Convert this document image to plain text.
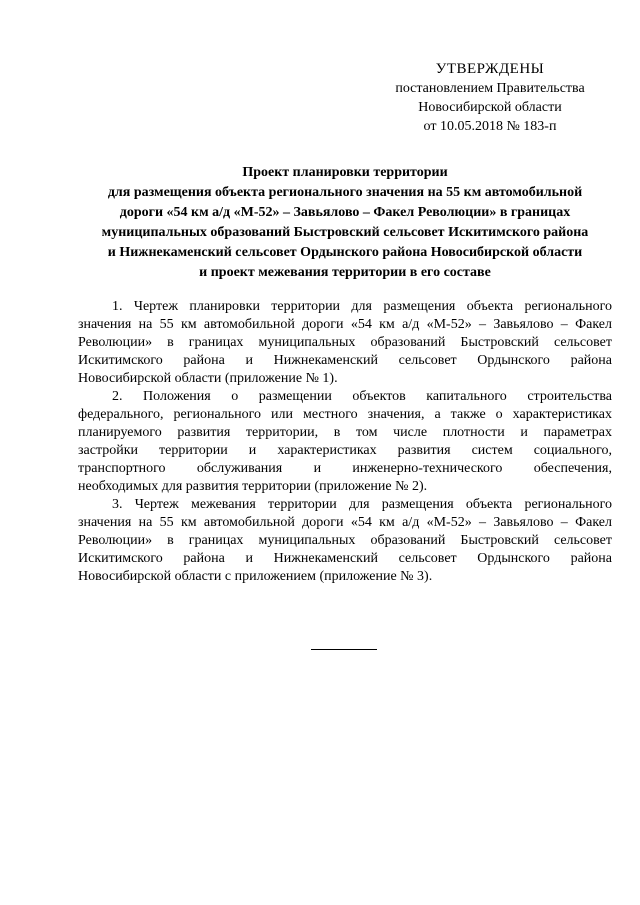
УТВЕРЖДЕНЫ
постановлением Правительства
Новосибирской области
от 10.05.2018 № 183-п
Проект планировки территории
для размещения объекта регионального значения на 55 км автомобильной
дороги «54 км а/д «М-52» – Завьялово – Факел Революции» в границах
муниципальных образований Быстровский сельсовет Искитимского района
и Нижнекаменский сельсовет Ордынского района Новосибирской области
и проект межевания территории в его составе
1. Чертеж планировки территории для размещения объекта регионального
значения на 55 км автомобильной дороги «54 км а/д «М-52» – Завьялово – Факел
Революции» в границах муниципальных образований Быстровский сельсовет
Искитимского района и Нижнекаменский сельсовет Ордынского района
Новосибирской области (приложение № 1).
2. Положения о размещении объектов капитального строительства
федерального, регионального или местного значения, а также о характеристиках
планируемого развития территории, в том числе плотности и параметрах
застройки территории и характеристиках развития систем социального,
транспортного обслуживания и инженерно-технического обеспечения,
необходимых для развития территории (приложение № 2).
3. Чертеж межевания территории для размещения объекта регионального
значения на 55 км автомобильной дороги «54 км а/д «М-52» – Завьялово – Факел
Революции» в границах муниципальных образований Быстровский сельсовет
Искитимского района и Нижнекаменский сельсовет Ордынского района
Новосибирской области с приложением (приложение № 3).
